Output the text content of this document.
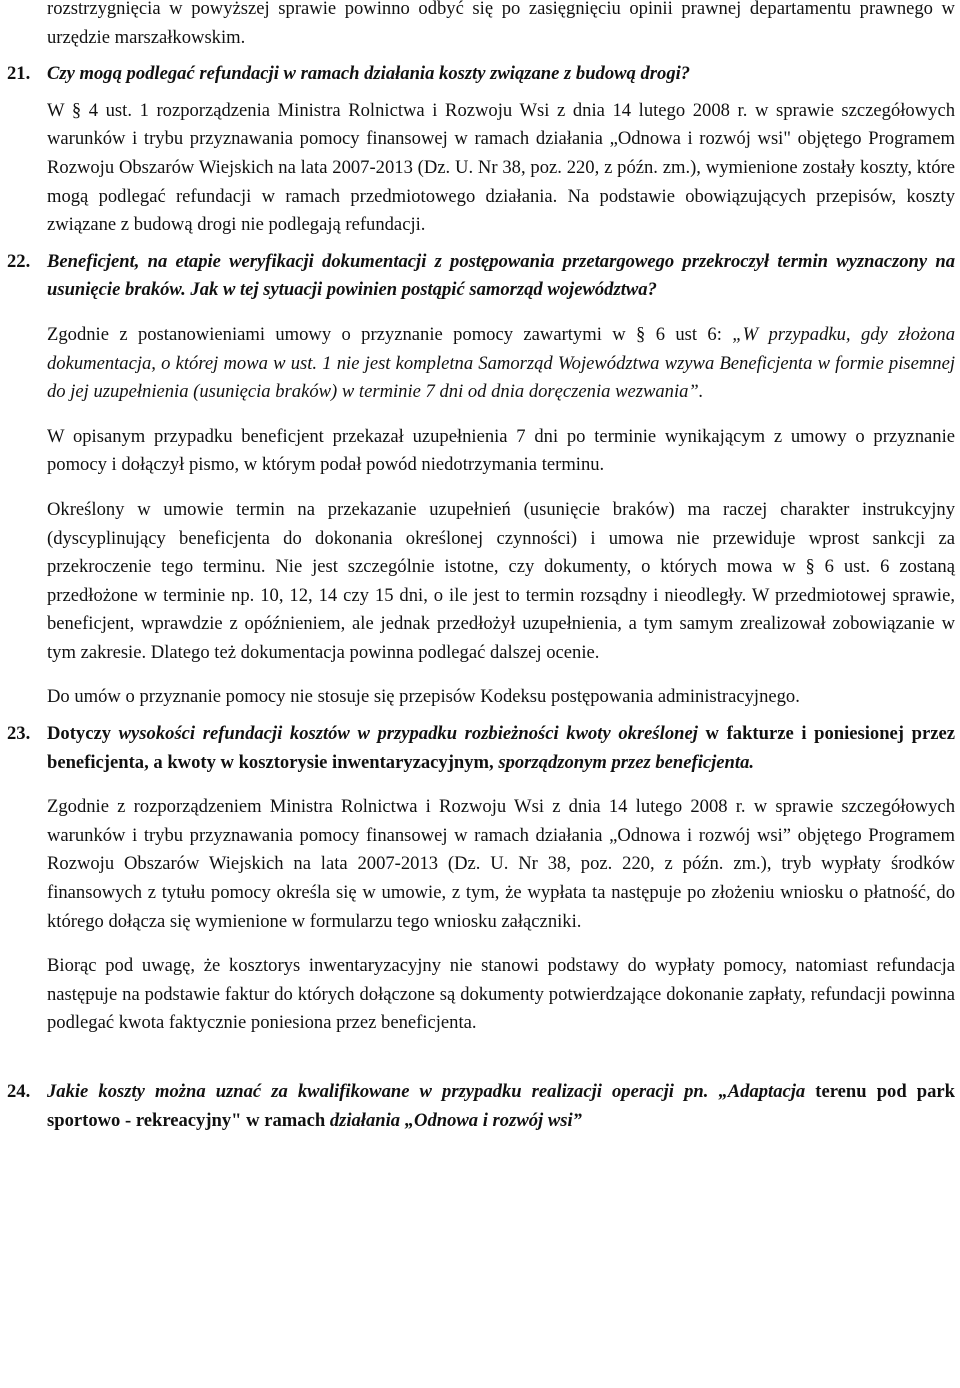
rozstrzygnięcia w powyższej sprawie powinno odbyć się po zasięgnięciu opinii prawnej departamentu prawnego w urzędzie marszałkowskim.

21. Czy mogą podlegać refundacji w ramach działania koszty związane z budową drogi?

W § 4 ust. 1 rozporządzenia Ministra Rolnictwa i Rozwoju Wsi z dnia 14 lutego 2008 r. w sprawie szczegółowych warunków i trybu przyznawania pomocy finansowej w ramach działania „Odnowa i rozwój wsi" objętego Programem Rozwoju Obszarów Wiejskich na lata 2007-2013 (Dz. U. Nr 38, poz. 220, z późn. zm.), wymienione zostały koszty, które mogą podlegać refundacji w ramach przedmiotowego działania. Na podstawie obowiązujących przepisów, koszty związane z budową drogi nie podlegają refundacji.

22. Beneficjent, na etapie weryfikacji dokumentacji z postępowania przetargowego przekroczył termin wyznaczony na usunięcie braków. Jak w tej sytuacji powinien postąpić samorząd województwa?

Zgodnie z postanowieniami umowy o przyznanie pomocy zawartymi w § 6 ust 6: „W przypadku, gdy złożona dokumentacja, o której mowa w ust. 1 nie jest kompletna Samorząd Województwa wzywa Beneficjenta w formie pisemnej do jej uzupełnienia (usunięcia braków) w terminie 7 dni od dnia doręczenia wezwania”.

W opisanym przypadku beneficjent przekazał uzupełnienia 7 dni po terminie wynikającym z umowy o przyznanie pomocy i dołączył pismo, w którym podał powód niedotrzymania terminu.

Określony w umowie termin na przekazanie uzupełnień (usunięcie braków) ma raczej charakter instrukcyjny (dyscyplinujący beneficjenta do dokonania określonej czynności) i umowa nie przewiduje wprost sankcji za przekroczenie tego terminu. Nie jest szczególnie istotne, czy dokumenty, o których mowa w § 6 ust. 6 zostaną przedłożone w terminie np. 10, 12, 14 czy 15 dni, o ile jest to termin rozsądny i nieodległy. W przedmiotowej sprawie, beneficjent, wprawdzie z opóźnieniem, ale jednak przedłożył uzupełnienia, a tym samym zrealizował zobowiązanie w tym zakresie. Dlatego też dokumentacja powinna podlegać dalszej ocenie.

Do umów o przyznanie pomocy nie stosuje się przepisów Kodeksu postępowania administracyjnego.

23. Dotyczy wysokości refundacji kosztów w przypadku rozbieżności kwoty określonej w fakturze i poniesionej przez beneficjenta, a kwoty w kosztorysie inwentaryzacyjnym, sporządzonym przez beneficjenta.

Zgodnie z rozporządzeniem Ministra Rolnictwa i Rozwoju Wsi z dnia 14 lutego 2008 r. w sprawie szczegółowych warunków i trybu przyznawania pomocy finansowej w ramach działania „Odnowa i rozwój wsi” objętego Programem Rozwoju Obszarów Wiejskich na lata 2007-2013 (Dz. U. Nr 38, poz. 220, z późn. zm.), tryb wypłaty środków finansowych z tytułu pomocy określa się w umowie, z tym, że wypłata ta następuje po złożeniu wniosku o płatność, do którego dołącza się wymienione w formularzu tego wniosku załączniki.

Biorąc pod uwagę, że kosztorys inwentaryzacyjny nie stanowi podstawy do wypłaty pomocy, natomiast refundacja następuje na podstawie faktur do których dołączone są dokumenty potwierdzające dokonanie zapłaty, refundacji powinna podlegać kwota faktycznie poniesiona przez beneficjenta.

24. Jakie koszty można uznać za kwalifikowane w przypadku realizacji operacji pn. „Adaptacja terenu pod park sportowo - rekreacyjny" w ramach działania „Odnowa i rozwój wsi”
